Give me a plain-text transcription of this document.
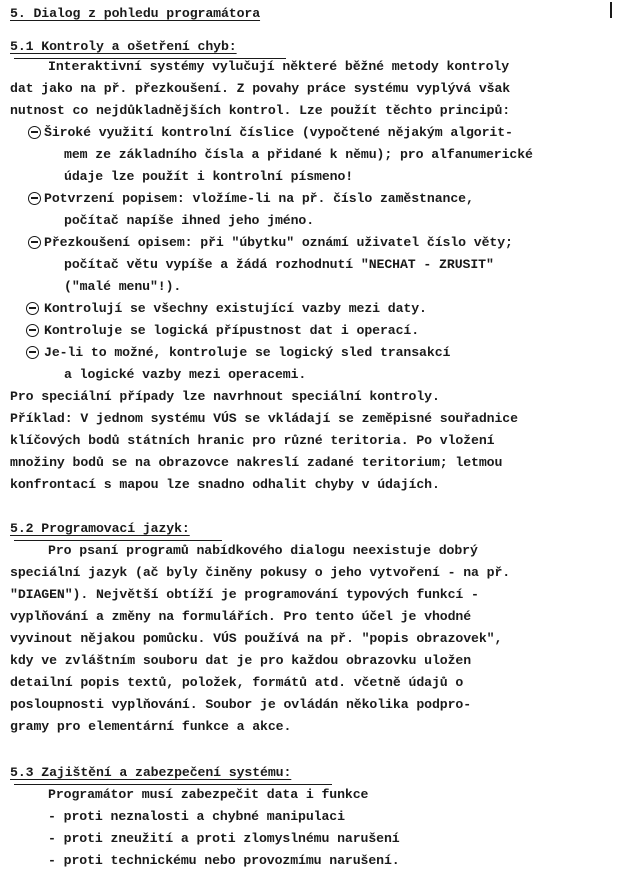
5. Dialog z pohledu programátora
5.1 Kontroly a ošetření chyb:
Interaktivní systémy vylučují některé běžné metody kontroly
dat jako na př. přezkoušení. Z povahy práce systému vyplývá však
nutnost co nejdůkladnějších kontrol. Lze použít těchto principů:
Široké využití kontrolní číslice (vypočtené nějakým algorit-
mem ze základního čísla a přidané k němu); pro alfanumerické
údaje lze použít i kontrolní písmeno!
Potvrzení popisem: vložíme-li na př. číslo zaměstnance,
počítač napíše ihned jeho jméno.
Přezkoušení opisem: při "úbytku" oznámí uživatel číslo věty;
počítač větu vypíše a žádá rozhodnutí "NECHAT - ZRUSIT"
("malé menu"!).
Kontrolují se všechny existující vazby mezi daty.
Kontroluje se logická přípustnost dat i operací.
Je-li to možné, kontroluje se logický sled transakcí
a logické vazby mezi operacemi.
Pro speciální případy lze navrhnout speciální kontroly.
Příklad: V jednom systému VÚS se vkládají se zeměpisné souřadnice
klíčových bodů státních hranic pro různé teritoria. Po vložení
množiny bodů se na obrazovce nakreslí zadané teritorium; letmou
konfrontací s mapou lze snadno odhalit chyby v údajích.
5.2 Programovací jazyk:
Pro psaní programů nabídkového dialogu neexistuje dobrý
speciální jazyk (ač byly činěny pokusy o jeho vytvoření - na př.
"DIAGEN"). Největší obtíží je programování typových funkcí -
vyplňování a změny na formulářích. Pro tento účel je vhodné
vyvinout nějakou pomůcku. VÚS používá na př. "popis obrazovek",
kdy ve zvláštním souboru dat je pro každou obrazovku uložen
detailní popis textů, položek, formátů atd. včetně údajů o
posloupnosti vyplňování. Soubor je ovládán několika podpro-
gramy pro elementární funkce a akce.
5.3 Zajištění a zabezpečení systému:
Programátor musí zabezpečit data i funkce
- proti neznalosti a chybné manipulaci
- proti zneužití a proti zlomyslnému narušení
- proti technickému nebo provozmímu narušení.
